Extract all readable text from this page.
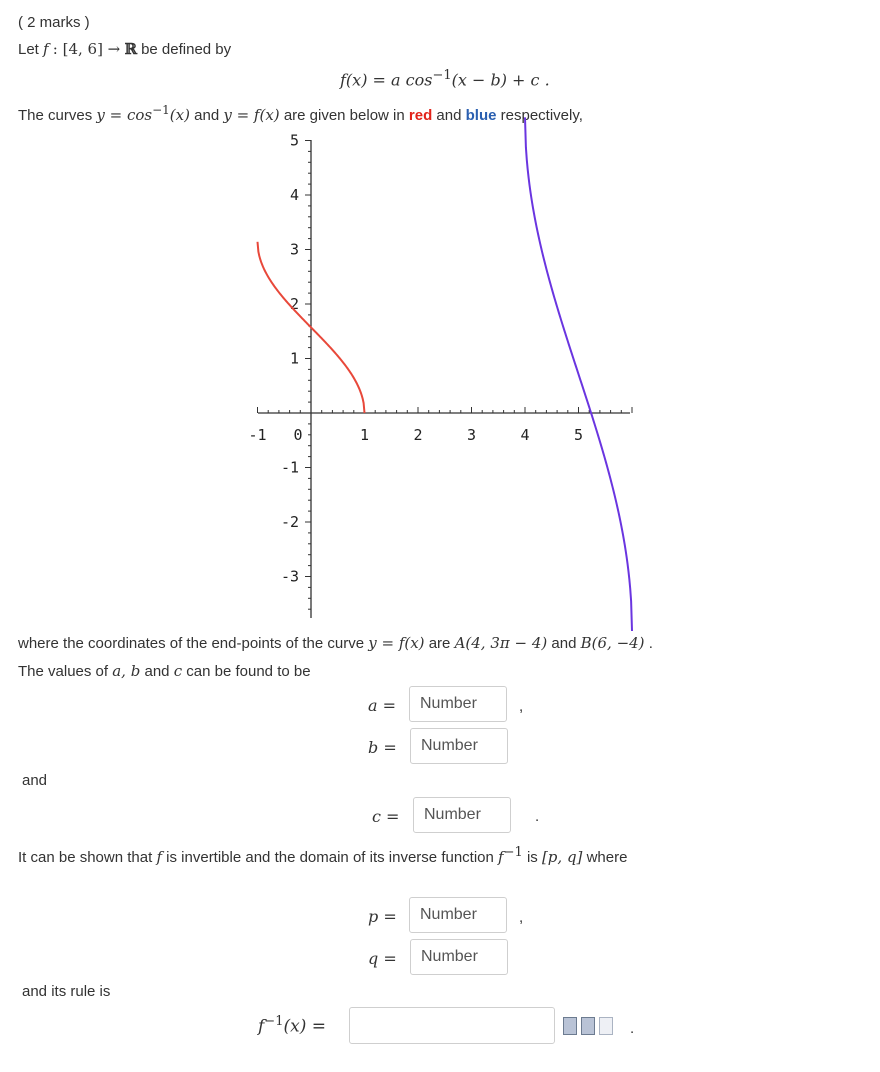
( 2 marks )
Let f : [4, 6] → ℝ be defined by
f(x) = a $\cos^{-1}(x - b) + c$ .
The curves $y = \cos^{-1}(x)$ and y = f(x) are given below in red and blue respectively,
-1 0	1	2	3	4	5
5
4
3
2
1
-1
-2
-3
where the coordinates of the end-points of the curve y = f(x) are A(4, 3π − 4) and B(6, −4) .
The values of a, b and c can be found to be
a =
Number	,
b =
Number
and
c =
Number	.
It can be shown that f is invertible and the domain of its inverse function $f^{-1}$ is [p, q] where
p =
Number	,
q =
Number
and its rule is
$f^{-1}(x)$ =	.
